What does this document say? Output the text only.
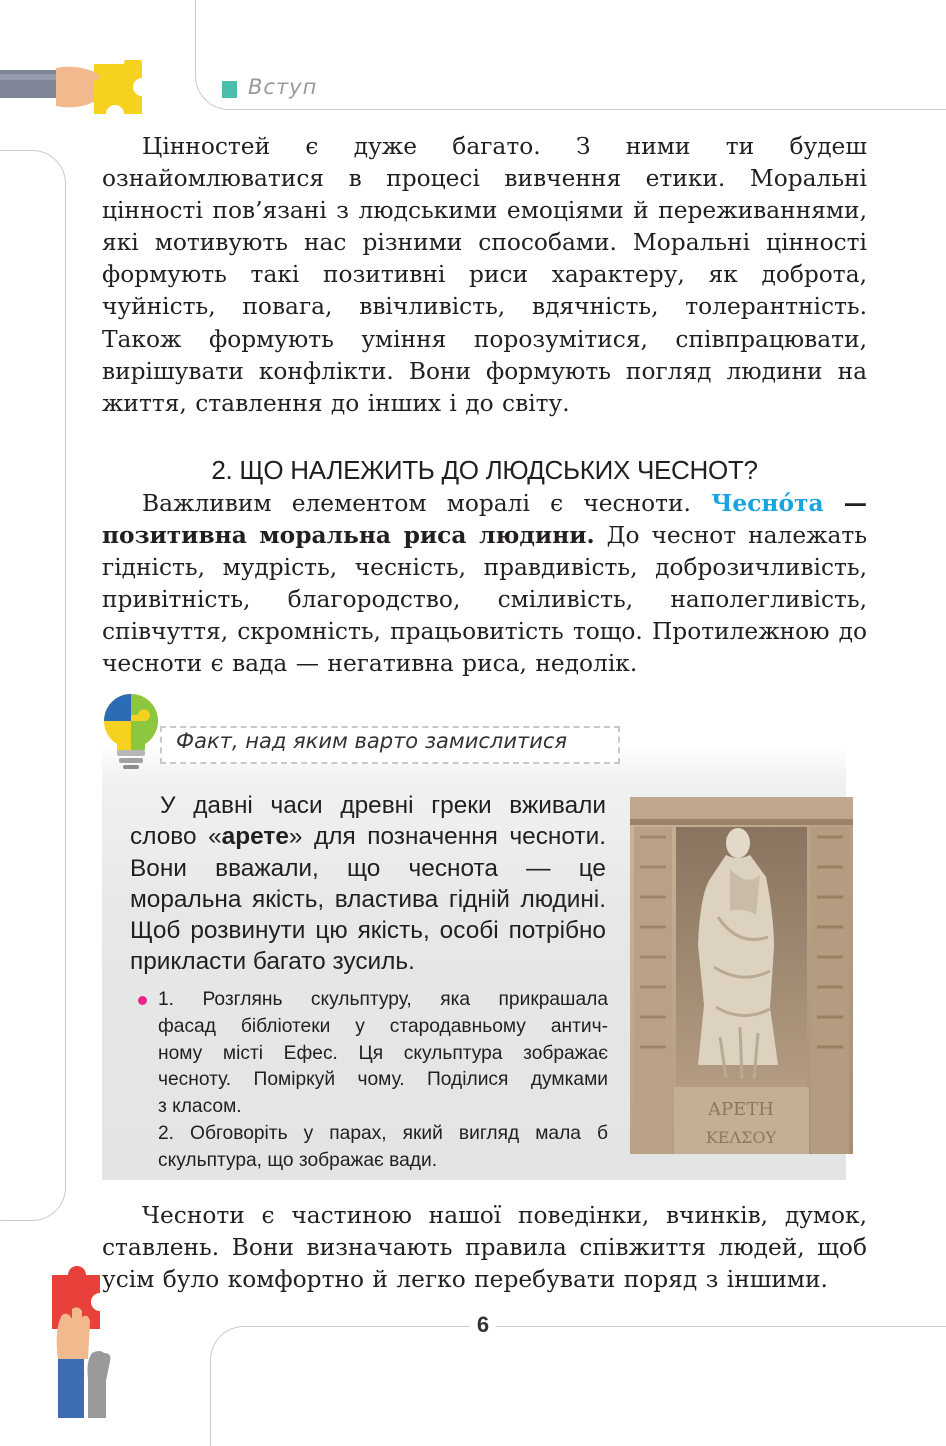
Вступ
Цінностей є дуже багато. З ними ти будеш ознайомлюватися в процесі вивчення етики. Моральні цінності пов’язані з людськими емоціями й переживаннями, які мотивують нас різними способами. Моральні цінності формують такі позитивні риси характеру, як доброта, чуйність, повага, ввічливість, вдячність, толерантність. Також формують уміння порозумітися, співпрацювати, вирішувати конфлікти. Вони формують погляд людини на життя, ставлення до інших і до світу.
2. ЩО НАЛЕЖИТЬ ДО ЛЮДСЬКИХ ЧЕСНОТ?
Важливим елементом моралі є чесноти. Чесно́та — позитивна моральна риса людини. До чеснот належать гідність, мудрість, чесність, правдивість, доброзичливість, привітність, благородство, сміливість, наполегливість, співчуття, скромність, працьовитість тощо. Протилежною до чесноти є вада — негативна риса, недолік.
Факт, над яким варто замислитися
У давні часи древні греки вживали слово «арете» для позначення чесноти. Вони вважали, що чеснота — це моральна якість, властива гідній людині. Щоб розвинути цю якість, особі потрібно прикласти багато зусиль.
1. Розглянь скульптуру, яка прикрашала
фасад бібліотеки у стародавньому антич-
ному місті Ефес. Ця скульптура зображає
чесноту. Поміркуй чому. Поділися думками
з класом.
2. Обговоріть у парах, який вигляд мала б
скульптура, що зображає вади.
ΑΡΕΤΗ
ΚΕΛΣΟΥ
Чесноти є частиною нашої поведінки, вчинків, думок, ставлень. Вони визначають правила співжиття людей, щоб усім було комфортно й легко перебувати поряд з іншими.
6
